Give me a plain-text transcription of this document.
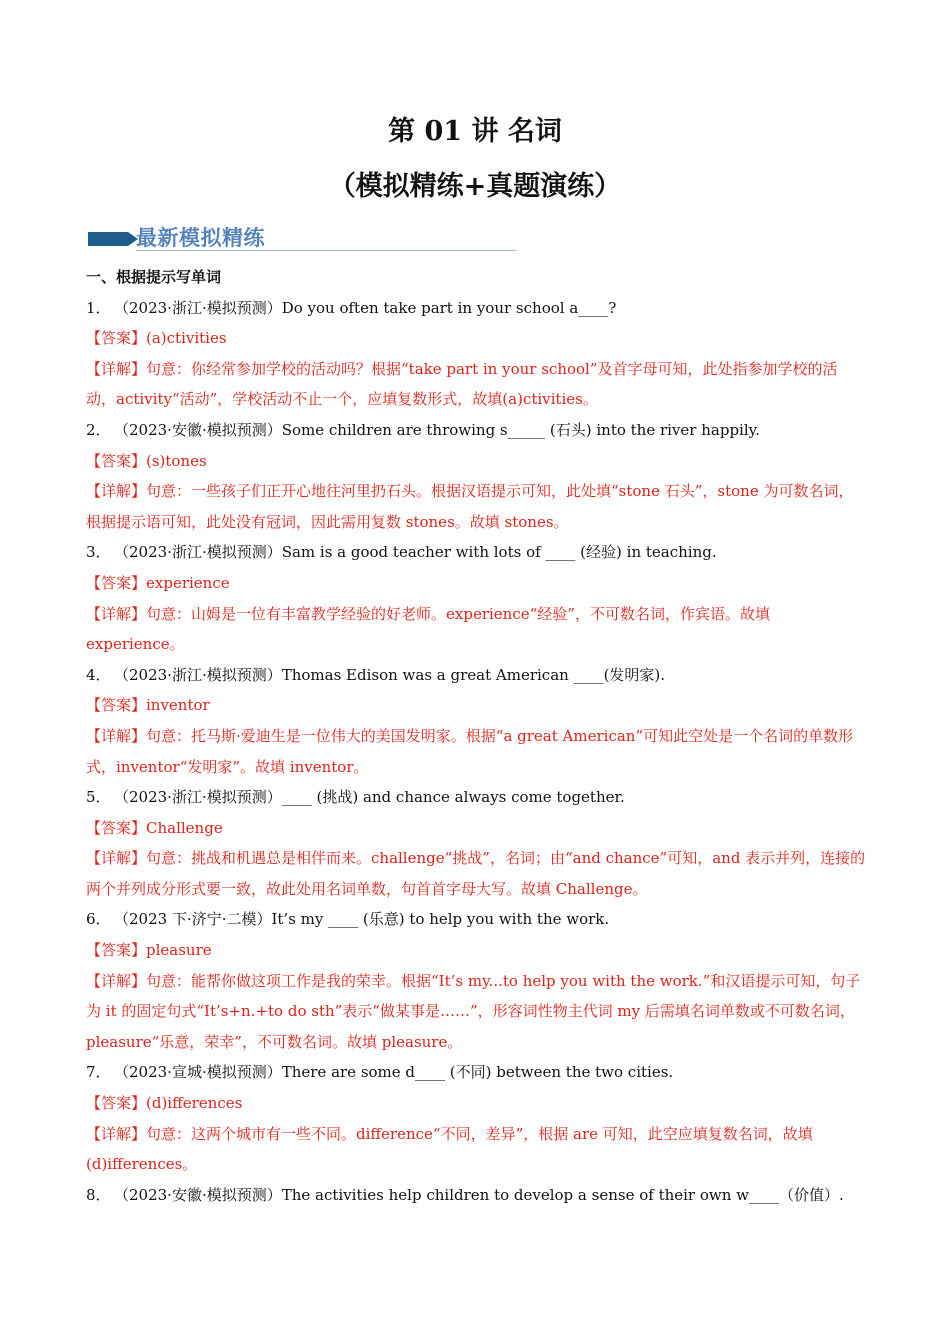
第 01 讲 名词
（模拟精练+真题演练）
最新模拟精练
一、根据提示写单词
1． （2023·浙江·模拟预测）Do you often take part in your school a____?
【答案】(a)ctivities
【详解】句意：你经常参加学校的活动吗？根据“take part in your school”及首字母可知，此处指参加学校的活动，activity“活动”，学校活动不止一个，应填复数形式，故填(a)ctivities。
2． （2023·安徽·模拟预测）Some children are throwing s_____ (石头) into the river happily.
【答案】(s)tones
【详解】句意：一些孩子们正开心地往河里扔石头。根据汉语提示可知，此处填“stone 石头”，stone 为可数名词，根据提示语可知，此处没有冠词，因此需用复数 stones。故填 stones。
3． （2023·浙江·模拟预测）Sam is a good teacher with lots of ____ (经验) in teaching.
【答案】experience
【详解】句意：山姆是一位有丰富教学经验的好老师。experience“经验”，不可数名词，作宾语。故填 experience。
4． （2023·浙江·模拟预测）Thomas Edison was a great American ____(发明家).
【答案】inventor
【详解】句意：托马斯·爱迪生是一位伟大的美国发明家。根据“a great American”可知此空处是一个名词的单数形式，inventor“发明家”。故填 inventor。
5． （2023·浙江·模拟预测）____ (挑战) and chance always come together.
【答案】Challenge
【详解】句意：挑战和机遇总是相伴而来。challenge“挑战”，名词；由“and chance”可知，and 表示并列，连接的两个并列成分形式要一致，故此处用名词单数，句首首字母大写。故填 Challenge。
6． （2023 下·济宁·二模）It’s my ____ (乐意) to help you with the work.
【答案】pleasure
【详解】句意：能帮你做这项工作是我的荣幸。根据“It’s my...to help you with the work.”和汉语提示可知，句子为 it 的固定句式“It’s+n.+to do sth”表示“做某事是……”，形容词性物主代词 my 后需填名词单数或不可数名词，pleasure“乐意，荣幸”，不可数名词。故填 pleasure。
7． （2023·宣城·模拟预测）There are some d____ (不同) between the two cities.
【答案】(d)ifferences
【详解】句意：这两个城市有一些不同。difference“不同，差异”，根据 are 可知，此空应填复数名词，故填(d)ifferences。
8． （2023·安徽·模拟预测）The activities help children to develop a sense of their own w____（价值）.
